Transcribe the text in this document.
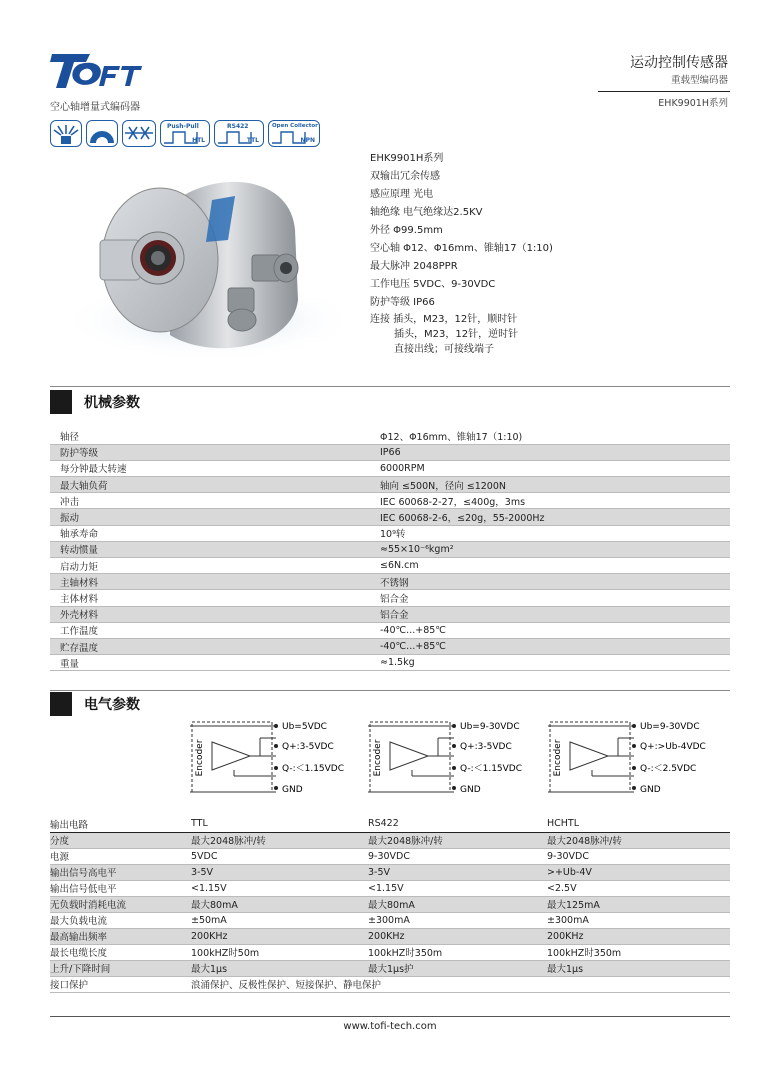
空心轴增量式编码器
运动控制传感器
重载型编码器
EHK9901H系列
Push-Pull
HTL
RS422
TTL
Open Collector
NPN
EHK9901H系列
双输出冗余传感
感应原理 光电
轴绝缘 电气绝缘达2.5KV
外径 Φ99.5mm
空心轴 Φ12、Φ16mm、锥轴17（1:10)
最大脉冲 2048PPR
工作电压 5VDC、9-30VDC
防护等级 IP66
连接 插头，M23，12针，顺时针
插头，M23，12针，逆时针
直接出线；可接线端子
机械参数
轴径	Φ12、Φ16mm、锥轴17（1:10)
防护等级	IP66
每分钟最大转速	6000RPM
最大轴负荷	轴向 ≤500N，径向 ≤1200N
冲击	IEC 60068-2-27，≤400g，3ms
振动	IEC 60068-2-6，≤20g，55-2000Hz
轴承寿命	10⁹转
转动惯量	≈55×10⁻⁶kgm²
启动力矩	≤6N.cm
主轴材料	不锈钢
主体材料	铝合金
外壳材料	铝合金
工作温度	-40℃...+85℃
贮存温度	-40℃...+85℃
重量	≈1.5kg
电气参数
Encoder
Ub=5VDC
Q+:3-5VDC
Q-:＜1.15VDC
GND
Encoder
Ub=9-30VDC
Q+:3-5VDC
Q-:＜1.15VDC
GND
Encoder
Ub=9-30VDC
Q+:>Ub-4VDC
Q-:＜2.5VDC
GND
输出电路	TTL	RS422	HCHTL
分度	最大2048脉冲/转	最大2048脉冲/转	最大2048脉冲/转
电源	5VDC	9-30VDC	9-30VDC
输出信号高电平	3-5V	3-5V	>+Ub-4V
输出信号低电平	<1.15V	<1.15V	<2.5V
无负载时消耗电流	最大80mA	最大80mA	最大125mA
最大负载电流	±50mA	±300mA	±300mA
最高输出频率	200KHz	200KHz	200KHz
最长电缆长度	100kHZ时50m	100kHZ时350m	100kHZ时350m
上升/下降时间	最大1μs	最大1μs护	最大1μs
接口保护	浪涌保护、反极性保护、短接保护、静电保护		
www.tofi-tech.com
